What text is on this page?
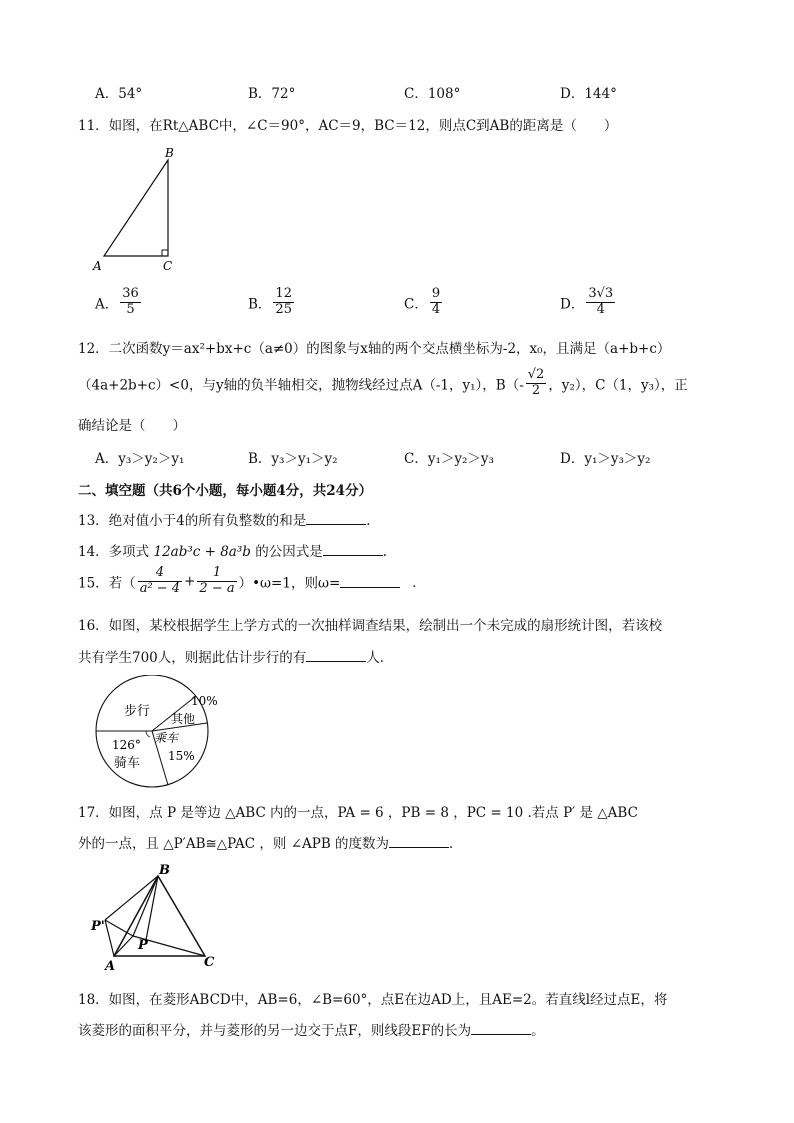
A．54°	B．72°	C．108°	D．144°
11．如图，在Rt△ABC中，∠C＝90°，AC＝9，BC＝12，则点C到AB的距离是（　　）
B
A	C
A． $\frac{36}{5}$	B． $\frac{12}{25}$	C． $\frac{9}{4}$	D． $\frac{3√3}{4}$
12．二次函数y＝ax²+bx+c（a≠0）的图象与x轴的两个交点横坐标为-2，x₀，且满足（a+b+c）
（4a+2b+c）<0，与y轴的负半轴相交，抛物线经过点A（-1，y₁），$B(- \frac{√2}{2}$ ，y₂），C（1，y₃），正
确结论是（　　）
A．y₃＞y₂＞y₁	B．y₃＞y₁＞y₂	C．y₁＞y₂＞y₃	D．y₁＞y₃＞y₂
二、填空题（共6个小题，每小题4分，共24分）
13．绝对值小于4的所有负整数的和是	．
14．多项式 12ab³c + 8a³b 的公因式是	.
15．若（ $\frac{4}{\text{a² − 4}} + \frac{1}{2 - a}$ ）•ω=1，则ω=	．
16．如图，某校根据学生上学方式的一次抽样调查结果，绘制出一个未完成的扇形统计图，若该校
共有学生700人，则据此估计步行的有	人．
步行 其他
10%
乘车
15%
126°
骑车
17．如图，点 P 是等边 △ABC 内的一点，PA = 6 ，PB = 8 ，PC = 10 .若点 P′ 是 △ABC
外的一点，且 △P′AB≅△PAC ，则 ∠APB 的度数为	．
B
P'
P
A	C
18．如图，在菱形ABCD中，AB=6，∠B=60°，点E在边AD上，且AE=2。若直线l经过点E，将
该菱形的面积平分，并与菱形的另一边交于点F，则线段EF的长为	。
